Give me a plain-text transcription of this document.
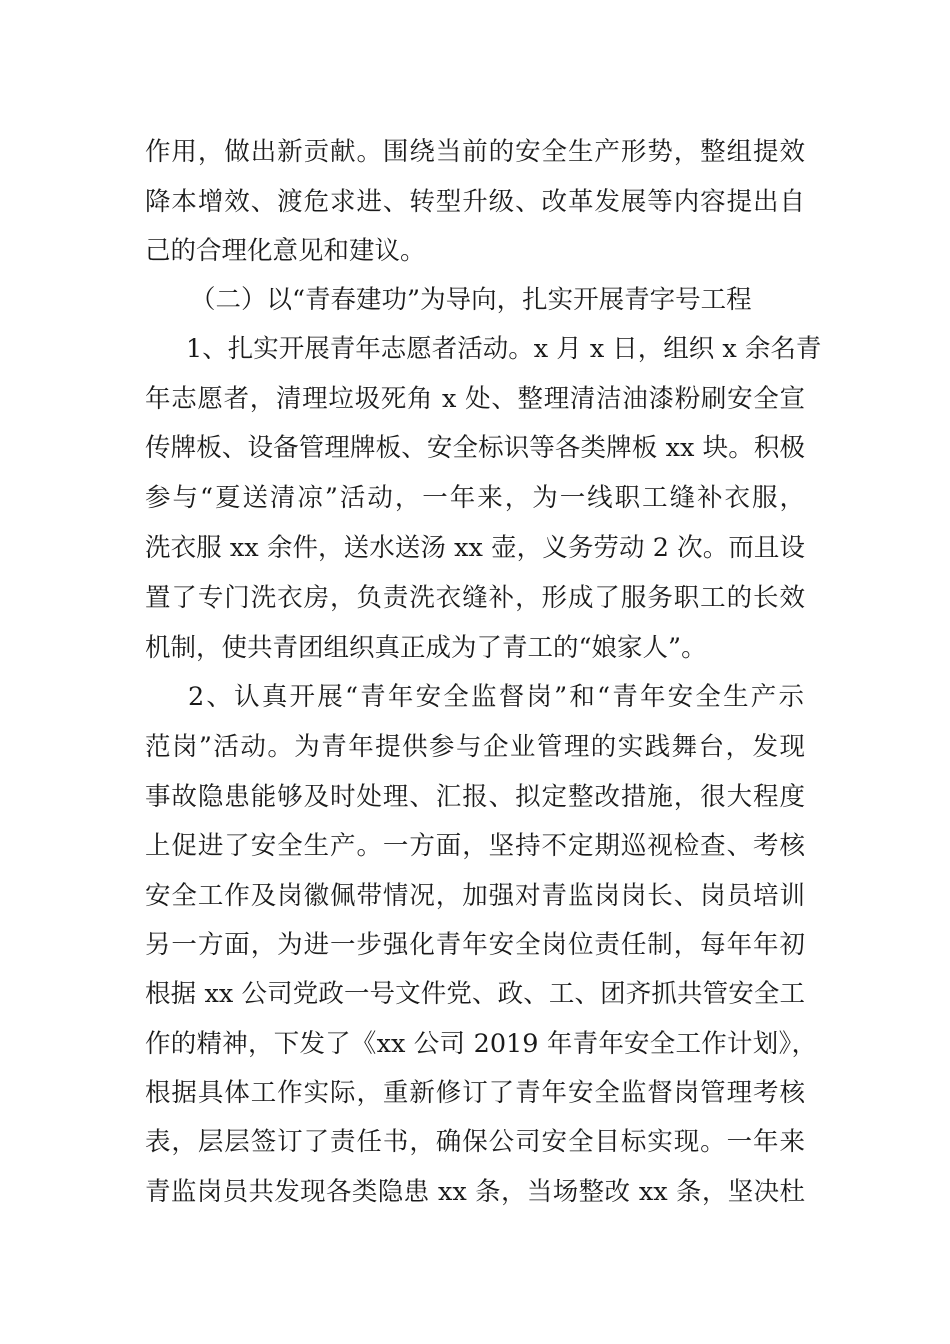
作用，做出新贡献。围绕当前的安全生产形势，整组提效
降本增效、渡危求进、转型升级、改革发展等内容提出自
己的合理化意见和建议。
（二）以“青春建功”为导向，扎实开展青字号工程
1、扎实开展青年志愿者活动。x 月 x 日，组织 x 余名青
年志愿者，清理垃圾死角 x 处、整理清洁油漆粉刷安全宣
传牌板、设备管理牌板、安全标识等各类牌板 xx 块。积极
参与“夏送清凉”活动，一年来，为一线职工缝补衣服，
洗衣服 xx 余件，送水送汤 xx 壶，义务劳动 2 次。而且设
置了专门洗衣房，负责洗衣缝补，形成了服务职工的长效
机制，使共青团组织真正成为了青工的“娘家人”。
2、认真开展“青年安全监督岗”和“青年安全生产示
范岗”活动。为青年提供参与企业管理的实践舞台，发现
事故隐患能够及时处理、汇报、拟定整改措施，很大程度
上促进了安全生产。一方面，坚持不定期巡视检查、考核
安全工作及岗徽佩带情况，加强对青监岗岗长、岗员培训
另一方面，为进一步强化青年安全岗位责任制，每年年初
根据 xx 公司党政一号文件党、政、工、团齐抓共管安全工
作的精神，下发了《xx 公司 2019 年青年安全工作计划》，
根据具体工作实际，重新修订了青年安全监督岗管理考核
表，层层签订了责任书，确保公司安全目标实现。一年来
青监岗员共发现各类隐患 xx 条，当场整改 xx 条，坚决杜
